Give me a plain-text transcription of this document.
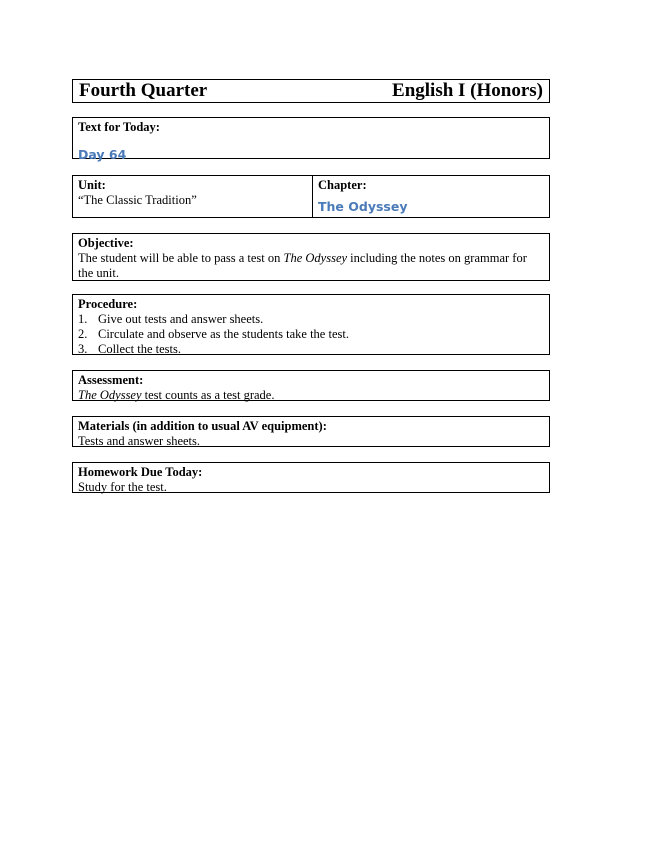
Fourth Quarter	English I (Honors)
Text for Today:
Day 64
Unit:
“The Classic Tradition”
Chapter:
The Odyssey
Objective:
The student will be able to pass a test on The Odyssey including the notes on grammar for the unit.
Procedure:
1. Give out tests and answer sheets.
2. Circulate and observe as the students take the test.
3. Collect the tests.
Assessment:
The Odyssey test counts as a test grade.
Materials (in addition to usual AV equipment):
Tests and answer sheets.
Homework Due Today:
Study for the test.
